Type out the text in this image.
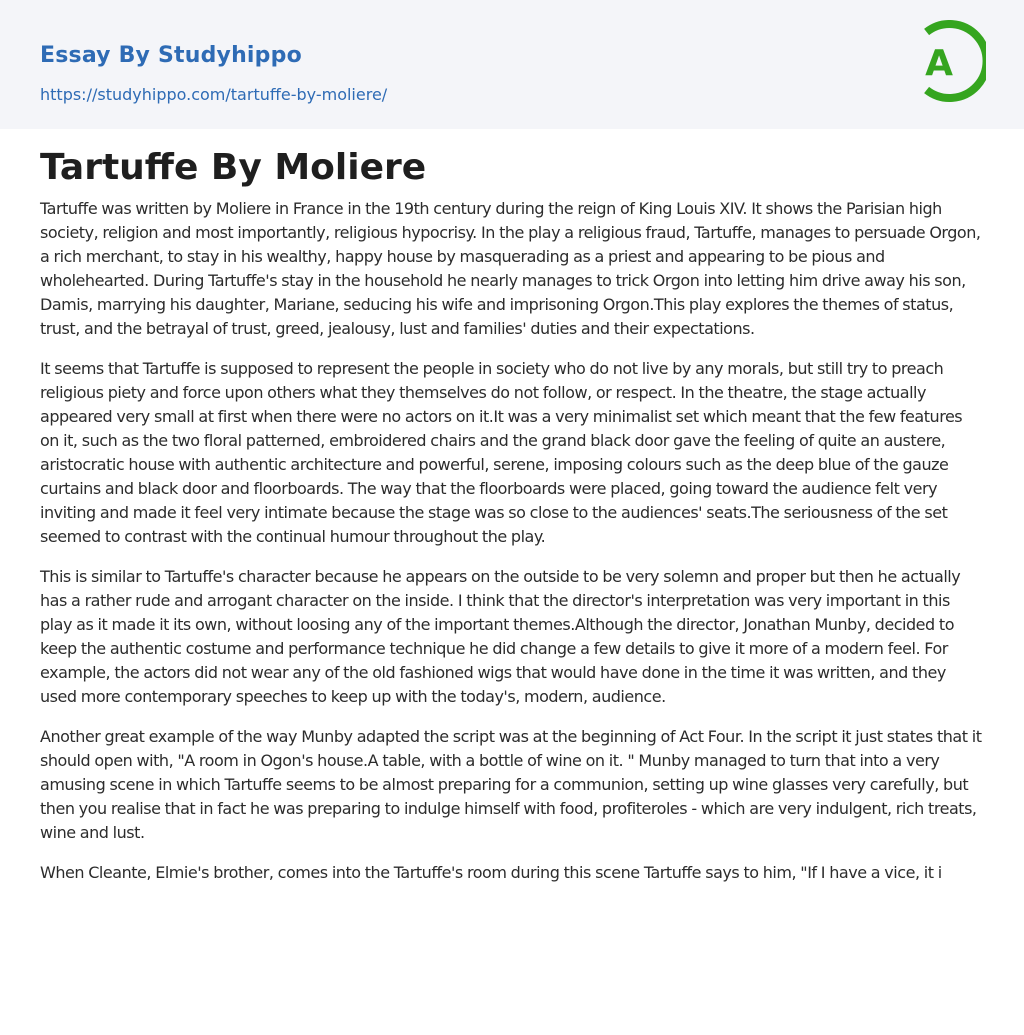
Essay By Studyhippo
https://studyhippo.com/tartuffe-by-moliere/
A
Tartuffe By Moliere

Tartuffe was written by Moliere in France in the 19th century during the reign of King Louis XIV. It shows the Parisian high society, religion and most importantly, religious hypocrisy. In the play a religious fraud, Tartuffe, manages to persuade Orgon, a rich merchant, to stay in his wealthy, happy house by masquerading as a priest and appearing to be pious and wholehearted. During Tartuffe's stay in the household he nearly manages to trick Orgon into letting him drive away his son, Damis, marrying his daughter, Mariane, seducing his wife and imprisoning Orgon.This play explores the themes of status, trust, and the betrayal of trust, greed, jealousy, lust and families' duties and their expectations.

It seems that Tartuffe is supposed to represent the people in society who do not live by any morals, but still try to preach religious piety and force upon others what they themselves do not follow, or respect. In the theatre, the stage actually appeared very small at first when there were no actors on it.It was a very minimalist set which meant that the few features on it, such as the two floral patterned, embroidered chairs and the grand black door gave the feeling of quite an austere, aristocratic house with authentic architecture and powerful, serene, imposing colours such as the deep blue of the gauze curtains and black door and floorboards. The way that the floorboards were placed, going toward the audience felt very inviting and made it feel very intimate because the stage was so close to the audiences' seats.The seriousness of the set seemed to contrast with the continual humour throughout the play.

This is similar to Tartuffe's character because he appears on the outside to be very solemn and proper but then he actually has a rather rude and arrogant character on the inside. I think that the director's interpretation was very important in this play as it made it its own, without loosing any of the important themes.Although the director, Jonathan Munby, decided to keep the authentic costume and performance technique he did change a few details to give it more of a modern feel. For example, the actors did not wear any of the old fashioned wigs that would have done in the time it was written, and they used more contemporary speeches to keep up with the today's, modern, audience.

Another great example of the way Munby adapted the script was at the beginning of Act Four. In the script it just states that it should open with, "A room in Ogon's house.A table, with a bottle of wine on it. " Munby managed to turn that into a very amusing scene in which Tartuffe seems to be almost preparing for a communion, setting up wine glasses very carefully, but then you realise that in fact he was preparing to indulge himself with food, profiteroles - which are very indulgent, rich treats, wine and lust.

When Cleante, Elmie's brother, comes into the Tartuffe's room during this scene Tartuffe says to him, "If I have a vice, it i
